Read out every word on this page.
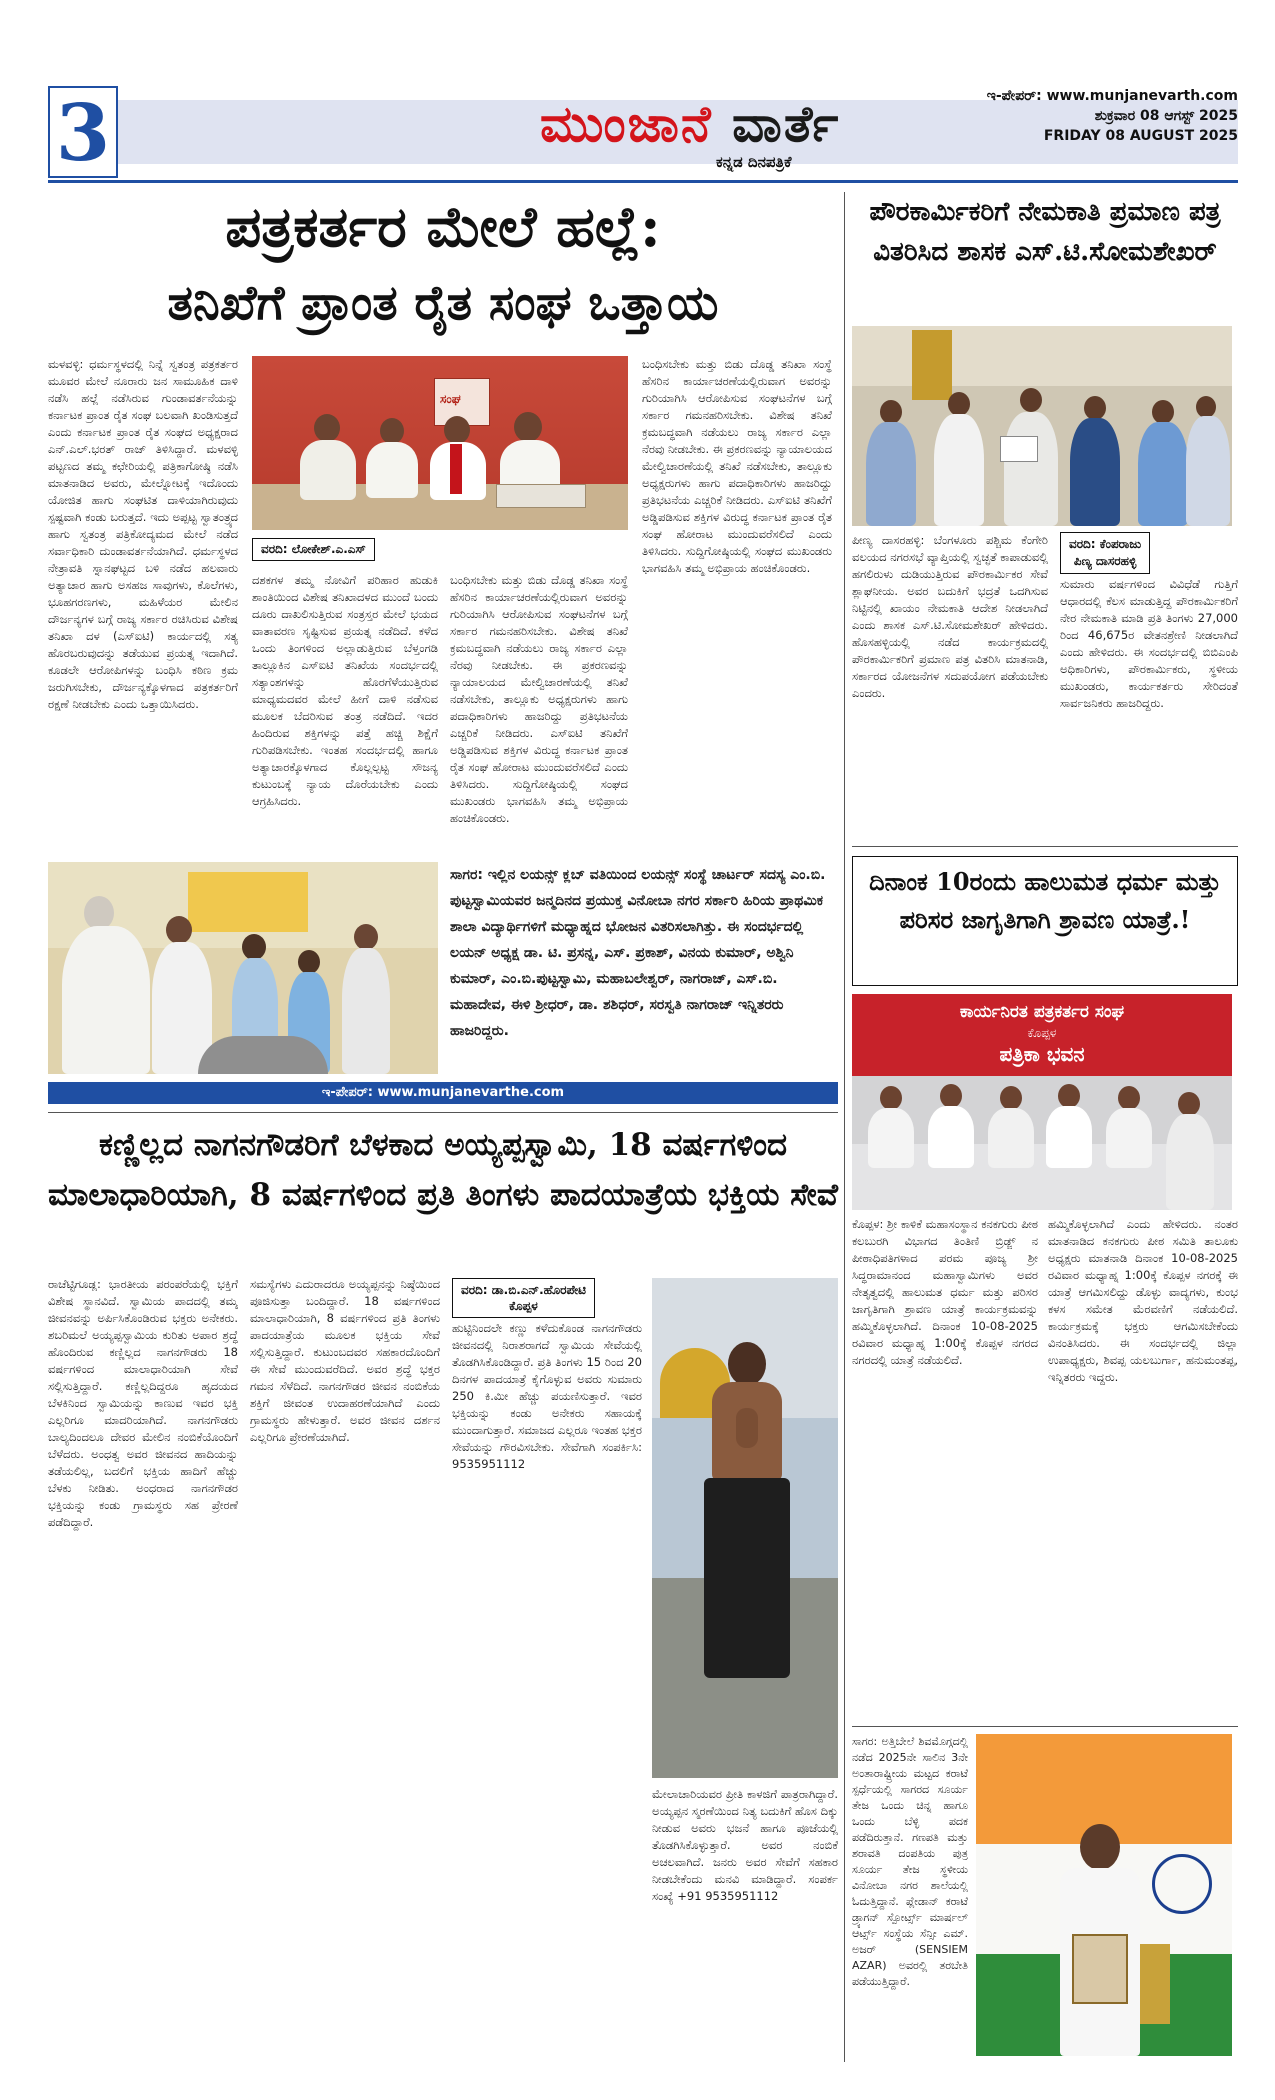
3	ಮುಂಜಾನೆ ವಾರ್ತೆ
ಕನ್ನಡ ದಿನಪತ್ರಿಕೆ
ಇ-ಪೇಪರ್: www.munjanevarth.com
ಶುಕ್ರವಾರ 08 ಆಗಸ್ಟ್ 2025
FRIDAY 08 AUGUST 2025
ಪತ್ರಕರ್ತರ ಮೇಲೆ ಹಲ್ಲೆ:
ತನಿಖೆಗೆ ಪ್ರಾಂತ ರೈತ ಸಂಘ ಒತ್ತಾಯ
ಮಳವಳ್ಳಿ: ಧರ್ಮಸ್ಥಳದಲ್ಲಿ ನಿನ್ನೆ ಸ್ವತಂತ್ರ ಪತ್ರಕರ್ತರ ಮೂವರ ಮೇಲೆ ನೂರಾರು ಜನ ಸಾಮೂಹಿಕ ದಾಳಿ ನಡೆಸಿ ಹಲ್ಲೆ ನಡೆಸಿರುವ ಗುಂಡಾವರ್ತನೆಯನ್ನು ಕರ್ನಾಟಕ ಪ್ರಾಂತ ರೈತ ಸಂಘ ಬಲವಾಗಿ ಖಂಡಿಸುತ್ತದೆ ಎಂದು ಕರ್ನಾಟಕ ಪ್ರಾಂತ ರೈತ ಸಂಘದ ಅಧ್ಯಕ್ಷರಾದ ಎನ್.ಎಲ್.ಭರತ್ ರಾಜ್ ತಿಳಿಸಿದ್ದಾರೆ. ಮಳವಳ್ಳಿ ಪಟ್ಟಣದ ತಮ್ಮ ಕಛೇರಿಯಲ್ಲಿ ಪತ್ರಿಕಾಗೋಷ್ಠಿ ನಡೆಸಿ ಮಾತನಾಡಿದ ಅವರು, ಮೇಲ್ನೋಟಕ್ಕೆ ಇದೊಂದು ಯೋಜಿತ ಹಾಗು ಸಂಘಟಿತ ದಾಳಿಯಾಗಿರುವುದು ಸ್ಪಷ್ಟವಾಗಿ ಕಂಡು ಬರುತ್ತದೆ. ಇದು ಅಪ್ಪಟ್ಟ ಸ್ವಾತಂತ್ರ್ಯದ ಹಾಗು ಸ್ವತಂತ್ರ ಪತ್ರಿಕೋದ್ಯಮದ ಮೇಲೆ ನಡೆದ ಸರ್ವಾಧಿಕಾರಿ ದುಂಡಾವರ್ತನೆಯಾಗಿದೆ. ಧರ್ಮಸ್ಥಳದ ನೇತ್ರಾವತಿ ಸ್ನಾನಘಟ್ಟದ ಬಳಿ ನಡೆದ ಹಲವಾರು ಅತ್ಯಾಚಾರ ಹಾಗು ಅಸಹಜ ಸಾವುಗಳು, ಕೊಲೆಗಳು, ಭೂಹಗರಣಗಳು, ಮಹಿಳೆಯರ ಮೇಲಿನ ದೌರ್ಜನ್ಯಗಳ ಬಗ್ಗೆ ರಾಜ್ಯ ಸರ್ಕಾರ ರಚಿಸಿರುವ ವಿಶೇಷ ತನಿಖಾ ದಳ (ಎಸ್ಐಟಿ) ಕಾರ್ಯದಲ್ಲಿ ಸತ್ಯ ಹೊರಬರುವುದನ್ನು ತಡೆಯುವ ಪ್ರಯತ್ನ ಇದಾಗಿದೆ. ಕೂಡಲೇ ಆರೋಪಿಗಳನ್ನು ಬಂಧಿಸಿ ಕಠಿಣ ಕ್ರಮ ಜರುಗಿಸಬೇಕು, ದೌರ್ಜನ್ಯಕ್ಕೊಳಗಾದ ಪತ್ರಕರ್ತರಿಗೆ ರಕ್ಷಣೆ ನೀಡಬೇಕು ಎಂದು ಒತ್ತಾಯಿಸಿದರು.
ಸಂಘ
ವರದಿ: ಲೋಕೇಶ್.ಎ.ಎಸ್
ದಶಕಗಳ ತಮ್ಮ ನೋವಿಗೆ ಪರಿಹಾರ ಹುಡುಕಿ ಶಾಂತಿಯಿಂದ ವಿಶೇಷ ತನಿಖಾದಳದ ಮುಂದೆ ಬಂದು ದೂರು ದಾಖಲಿಸುತ್ತಿರುವ ಸಂತ್ರಸ್ತರ ಮೇಲೆ ಭಯದ ವಾತಾವರಣ ಸೃಷ್ಟಿಸುವ ಪ್ರಯತ್ನ ನಡೆದಿದೆ. ಕಳೆದ ಒಂದು ತಿಂಗಳಿಂದ ಅಲ್ಲಾಡುತ್ತಿರುವ ಬೆಳ್ತಂಗಡಿ ತಾಲ್ಲೂಕಿನ ಎಸ್ಐಟಿ ತನಿಖೆಯ ಸಂದರ್ಭದಲ್ಲಿ ಸತ್ಯಾಂಶಗಳನ್ನು ಹೊರಗೆಳೆಯುತ್ತಿರುವ ಮಾಧ್ಯಮದವರ ಮೇಲೆ ಹೀಗೆ ದಾಳಿ ನಡೆಸುವ ಮೂಲಕ ಬೆದರಿಸುವ ತಂತ್ರ ನಡೆದಿದೆ. ಇದರ ಹಿಂದಿರುವ ಶಕ್ತಿಗಳನ್ನು ಪತ್ತೆ ಹಚ್ಚಿ ಶಿಕ್ಷೆಗೆ ಗುರಿಪಡಿಸಬೇಕು. ಇಂತಹ ಸಂದರ್ಭದಲ್ಲಿ ಹಾಗೂ ಅತ್ಯಾಚಾರಕ್ಕೊಳಗಾದ ಕೊಲ್ಲಲ್ಪಟ್ಟ ಸೌಜನ್ಯ ಕುಟುಂಬಕ್ಕೆ ನ್ಯಾಯ ದೊರೆಯಬೇಕು ಎಂದು ಆಗ್ರಹಿಸಿದರು.
ಬಂಧಿಸಬೇಕು ಮತ್ತು ಬಿಡು ದೊಡ್ಡ ತನಿಖಾ ಸಂಸ್ಥೆ ಹೆಸರಿನ ಕಾರ್ಯಾಚರಣೆಯಲ್ಲಿರುವಾಗ ಅವರನ್ನು ಗುರಿಯಾಗಿಸಿ ಆರೋಪಿಸುವ ಸಂಘಟನೆಗಳ ಬಗ್ಗೆ ಸರ್ಕಾರ ಗಮನಹರಿಸಬೇಕು. ವಿಶೇಷ ತನಿಖೆ ಕ್ರಮಬದ್ಧವಾಗಿ ನಡೆಯಲು ರಾಜ್ಯ ಸರ್ಕಾರ ಎಲ್ಲಾ ನೆರವು ನೀಡಬೇಕು. ಈ ಪ್ರಕರಣವನ್ನು ನ್ಯಾಯಾಲಯದ ಮೇಲ್ವಿಚಾರಣೆಯಲ್ಲಿ ತನಿಖೆ ನಡೆಸಬೇಕು, ತಾಲ್ಲೂಕು ಅಧ್ಯಕ್ಷರುಗಳು ಹಾಗು ಪದಾಧಿಕಾರಿಗಳು ಹಾಜರಿದ್ದು ಪ್ರತಿಭಟನೆಯ ಎಚ್ಚರಿಕೆ ನೀಡಿದರು. ಎಸ್ಐಟಿ ತನಿಖೆಗೆ ಅಡ್ಡಿಪಡಿಸುವ ಶಕ್ತಿಗಳ ವಿರುದ್ಧ ಕರ್ನಾಟಕ ಪ್ರಾಂತ ರೈತ ಸಂಘ ಹೋರಾಟ ಮುಂದುವರೆಸಲಿದೆ ಎಂದು ತಿಳಿಸಿದರು. ಸುದ್ದಿಗೋಷ್ಠಿಯಲ್ಲಿ ಸಂಘದ ಮುಖಂಡರು ಭಾಗವಹಿಸಿ ತಮ್ಮ ಅಭಿಪ್ರಾಯ ಹಂಚಿಕೊಂಡರು.
ಬಂಧಿಸಬೇಕು ಮತ್ತು ಬಿಡು ದೊಡ್ಡ ತನಿಖಾ ಸಂಸ್ಥೆ ಹೆಸರಿನ ಕಾರ್ಯಾಚರಣೆಯಲ್ಲಿರುವಾಗ ಅವರನ್ನು ಗುರಿಯಾಗಿಸಿ ಆರೋಪಿಸುವ ಸಂಘಟನೆಗಳ ಬಗ್ಗೆ ಸರ್ಕಾರ ಗಮನಹರಿಸಬೇಕು. ವಿಶೇಷ ತನಿಖೆ ಕ್ರಮಬದ್ಧವಾಗಿ ನಡೆಯಲು ರಾಜ್ಯ ಸರ್ಕಾರ ಎಲ್ಲಾ ನೆರವು ನೀಡಬೇಕು. ಈ ಪ್ರಕರಣವನ್ನು ನ್ಯಾಯಾಲಯದ ಮೇಲ್ವಿಚಾರಣೆಯಲ್ಲಿ ತನಿಖೆ ನಡೆಸಬೇಕು, ತಾಲ್ಲೂಕು ಅಧ್ಯಕ್ಷರುಗಳು ಹಾಗು ಪದಾಧಿಕಾರಿಗಳು ಹಾಜರಿದ್ದು ಪ್ರತಿಭಟನೆಯ ಎಚ್ಚರಿಕೆ ನೀಡಿದರು. ಎಸ್ಐಟಿ ತನಿಖೆಗೆ ಅಡ್ಡಿಪಡಿಸುವ ಶಕ್ತಿಗಳ ವಿರುದ್ಧ ಕರ್ನಾಟಕ ಪ್ರಾಂತ ರೈತ ಸಂಘ ಹೋರಾಟ ಮುಂದುವರೆಸಲಿದೆ ಎಂದು ತಿಳಿಸಿದರು. ಸುದ್ದಿಗೋಷ್ಠಿಯಲ್ಲಿ ಸಂಘದ ಮುಖಂಡರು ಭಾಗವಹಿಸಿ ತಮ್ಮ ಅಭಿಪ್ರಾಯ ಹಂಚಿಕೊಂಡರು.
ಪೌರಕಾರ್ಮಿಕರಿಗೆ ನೇಮಕಾತಿ ಪ್ರಮಾಣ ಪತ್ರ ವಿತರಿಸಿದ ಶಾಸಕ ಎಸ್.ಟಿ.ಸೋಮಶೇಖರ್
ವರದಿ: ಕೆಂಪರಾಜು
ಪಿಣ್ಯ ದಾಸರಹಳ್ಳಿ
ಪೀಣ್ಯ ದಾಸರಹಳ್ಳಿ: ಬೆಂಗಳೂರು ಪಶ್ಚಿಮ ಕೆಂಗೇರಿ ವಲಯದ ನಗರಸಭೆ ವ್ಯಾಪ್ತಿಯಲ್ಲಿ ಸ್ವಚ್ಛತೆ ಕಾಪಾಡುವಲ್ಲಿ ಹಗಲಿರುಳು ದುಡಿಯುತ್ತಿರುವ ಪೌರಕಾರ್ಮಿಕರ ಸೇವೆ ಶ್ಲಾಘನೀಯ. ಅವರ ಬದುಕಿಗೆ ಭದ್ರತೆ ಒದಗಿಸುವ ನಿಟ್ಟಿನಲ್ಲಿ ಖಾಯಂ ನೇಮಕಾತಿ ಆದೇಶ ನೀಡಲಾಗಿದೆ ಎಂದು ಶಾಸಕ ಎಸ್.ಟಿ.ಸೋಮಶೇಖರ್ ಹೇಳಿದರು. ಹೊಸಹಳ್ಳಿಯಲ್ಲಿ ನಡೆದ ಕಾರ್ಯಕ್ರಮದಲ್ಲಿ ಪೌರಕಾರ್ಮಿಕರಿಗೆ ಪ್ರಮಾಣ ಪತ್ರ ವಿತರಿಸಿ ಮಾತನಾಡಿ, ಸರ್ಕಾರದ ಯೋಜನೆಗಳ ಸದುಪಯೋಗ ಪಡೆಯಬೇಕು ಎಂದರು.
ಸುಮಾರು ವರ್ಷಗಳಿಂದ ವಿವಿಧೆಡೆ ಗುತ್ತಿಗೆ ಆಧಾರದಲ್ಲಿ ಕೆಲಸ ಮಾಡುತ್ತಿದ್ದ ಪೌರಕಾರ್ಮಿಕರಿಗೆ ನೇರ ನೇಮಕಾತಿ ಮಾಡಿ ಪ್ರತಿ ತಿಂಗಳು 27,000 ರಿಂದ 46,675ರ ವೇತನಶ್ರೇಣಿ ನೀಡಲಾಗಿದೆ ಎಂದು ಹೇಳಿದರು. ಈ ಸಂದರ್ಭದಲ್ಲಿ ಬಿಬಿಎಂಪಿ ಅಧಿಕಾರಿಗಳು, ಪೌರಕಾರ್ಮಿಕರು, ಸ್ಥಳೀಯ ಮುಖಂಡರು, ಕಾರ್ಯಕರ್ತರು ಸೇರಿದಂತೆ ಸಾರ್ವಜನಿಕರು ಹಾಜರಿದ್ದರು.
ಸಾಗರ: ಇಲ್ಲಿನ ಲಯನ್ಸ್ ಕ್ಲಬ್ ವತಿಯಿಂದ ಲಯನ್ಸ್ ಸಂಸ್ಥೆ ಚಾರ್ಟರ್ ಸದಸ್ಯ ಎಂ.ಬಿ. ಪುಟ್ಟಸ್ವಾಮಿಯವರ ಜನ್ಮದಿನದ ಪ್ರಯುಕ್ತ ವಿನೋಬಾ ನಗರ ಸರ್ಕಾರಿ ಹಿರಿಯ ಪ್ರಾಥಮಿಕ ಶಾಲಾ ವಿದ್ಯಾರ್ಥಿಗಳಿಗೆ ಮಧ್ಯಾಹ್ನದ ಭೋಜನ ವಿತರಿಸಲಾಗಿತ್ತು. ಈ ಸಂದರ್ಭದಲ್ಲಿ ಲಯನ್ ಅಧ್ಯಕ್ಷ ಡಾ. ಟಿ. ಪ್ರಸನ್ನ, ಎಸ್. ಪ್ರಕಾಶ್, ವಿನಯ ಕುಮಾರ್, ಅಶ್ವಿನಿ ಕುಮಾರ್, ಎಂ.ಬಿ.ಪುಟ್ಟಸ್ವಾಮಿ, ಮಹಾಬಲೇಶ್ವರ್, ನಾಗರಾಜ್, ಎಸ್.ಬಿ. ಮಹಾದೇವ, ಈಳಿ ಶ್ರೀಧರ್, ಡಾ. ಶಶಿಧರ್, ಸರಸ್ವತಿ ನಾಗರಾಜ್ ಇನ್ನಿತರರು ಹಾಜರಿದ್ದರು.
ಇ-ಪೇಪರ್: www.munjanevarthe.com
ದಿನಾಂಕ 10ರಂದು ಹಾಲುಮತ ಧರ್ಮ ಮತ್ತು ಪರಿಸರ ಜಾಗೃತಿಗಾಗಿ ಶ್ರಾವಣ ಯಾತ್ರೆ.!
ಕಾರ್ಯನಿರತ ಪತ್ರಕರ್ತರ ಸಂಘ
ಕೊಪ್ಪಳ
ಪತ್ರಿಕಾ ಭವನ
ಕೊಪ್ಪಳ: ಶ್ರೀ ಕಾಳಿಕೆ ಮಹಾಸಂಸ್ಥಾನ ಕನಕಗುರು ಪೀಠ ಕಲಬುರಗಿ ವಿಭಾಗದ ತಿಂತಿಣಿ ಬ್ರಿಡ್ಜ್ ನ ಪೀಠಾಧಿಪತಿಗಳಾದ ಪರಮ ಪೂಜ್ಯ ಶ್ರೀ ಸಿದ್ಧರಾಮಾನಂದ ಮಹಾಸ್ವಾಮಿಗಳು ಅವರ ನೇತೃತ್ವದಲ್ಲಿ ಹಾಲುಮತ ಧರ್ಮ ಮತ್ತು ಪರಿಸರ ಜಾಗೃತಿಗಾಗಿ ಶ್ರಾವಣ ಯಾತ್ರೆ ಕಾರ್ಯಕ್ರಮವನ್ನು ಹಮ್ಮಿಕೊಳ್ಳಲಾಗಿದೆ. ದಿನಾಂಕ 10-08-2025 ರವಿವಾರ ಮಧ್ಯಾಹ್ನ 1:00ಕ್ಕೆ ಕೊಪ್ಪಳ ನಗರದ ನಗರದಲ್ಲಿ ಯಾತ್ರೆ ನಡೆಯಲಿದೆ.
ಹಮ್ಮಿಕೊಳ್ಳಲಾಗಿದೆ ಎಂದು ಹೇಳಿದರು. ನಂತರ ಮಾತನಾಡಿದ ಕನಕಗುರು ಪೀಠ ಸಮಿತಿ ತಾಲೂಕು ಅಧ್ಯಕ್ಷರು ಮಾತನಾಡಿ ದಿನಾಂಕ 10-08-2025 ರವಿವಾರ ಮಧ್ಯಾಹ್ನ 1:00ಕ್ಕೆ ಕೊಪ್ಪಳ ನಗರಕ್ಕೆ ಈ ಯಾತ್ರೆ ಆಗಮಿಸಲಿದ್ದು ಡೊಳ್ಳು ವಾದ್ಯಗಳು, ಕುಂಭ ಕಳಸ ಸಮೇತ ಮೆರವಣಿಗೆ ನಡೆಯಲಿದೆ. ಕಾರ್ಯಕ್ರಮಕ್ಕೆ ಭಕ್ತರು ಆಗಮಿಸಬೇಕೆಂದು ವಿನಂತಿಸಿದರು. ಈ ಸಂದರ್ಭದಲ್ಲಿ ಜಿಲ್ಲಾ ಉಪಾಧ್ಯಕ್ಷರು, ಶಿವಪ್ಪ ಯಲಬುರ್ಗಾ, ಹನುಮಂತಪ್ಪ, ಇನ್ನಿತರರು ಇದ್ದರು.
ಕಣ್ಣಿಲ್ಲದ ನಾಗನಗೌಡರಿಗೆ ಬೆಳಕಾದ ಅಯ್ಯಪ್ಪಸ್ವಾಮಿ, 18 ವರ್ಷಗಳಿಂದ ಮಾಲಾಧಾರಿಯಾಗಿ, 8 ವರ್ಷಗಳಿಂದ ಪ್ರತಿ ತಿಂಗಳು ಪಾದಯಾತ್ರೆಯ ಭಕ್ತಿಯ ಸೇವೆ
ರಾಚೆಟ್ಟಿಗೂಡ್ಲ: ಭಾರತೀಯ ಪರಂಪರೆಯಲ್ಲಿ ಭಕ್ತಿಗೆ ವಿಶೇಷ ಸ್ಥಾನವಿದೆ. ಸ್ವಾಮಿಯ ಪಾದದಲ್ಲಿ ತಮ್ಮ ಜೀವನವನ್ನು ಅರ್ಪಿಸಿಕೊಂಡಿರುವ ಭಕ್ತರು ಅನೇಕರು. ಶಬರಿಮಲೆ ಅಯ್ಯಪ್ಪಸ್ವಾಮಿಯ ಕುರಿತು ಅಪಾರ ಶ್ರದ್ಧೆ ಹೊಂದಿರುವ ಕಣ್ಣಿಲ್ಲದ ನಾಗನಗೌಡರು 18 ವರ್ಷಗಳಿಂದ ಮಾಲಾಧಾರಿಯಾಗಿ ಸೇವೆ ಸಲ್ಲಿಸುತ್ತಿದ್ದಾರೆ. ಕಣ್ಣಿಲ್ಲದಿದ್ದರೂ ಹೃದಯದ ಬೆಳಕಿನಿಂದ ಸ್ವಾಮಿಯನ್ನು ಕಾಣುವ ಇವರ ಭಕ್ತಿ ಎಲ್ಲರಿಗೂ ಮಾದರಿಯಾಗಿದೆ. ನಾಗನಗೌಡರು ಬಾಲ್ಯದಿಂದಲೂ ದೇವರ ಮೇಲಿನ ನಂಬಿಕೆಯೊಂದಿಗೆ ಬೆಳೆದರು. ಅಂಧತ್ವ ಅವರ ಜೀವನದ ಹಾದಿಯನ್ನು ತಡೆಯಲಿಲ್ಲ, ಬದಲಿಗೆ ಭಕ್ತಿಯ ಹಾದಿಗೆ ಹೆಚ್ಚು ಬೆಳಕು ನೀಡಿತು. ಅಂಧರಾದ ನಾಗನಗೌಡರ ಭಕ್ತಿಯನ್ನು ಕಂಡು ಗ್ರಾಮಸ್ಥರು ಸಹ ಪ್ರೇರಣೆ ಪಡೆದಿದ್ದಾರೆ.
ಸಮಸ್ಯೆಗಳು ಎದುರಾದರೂ ಅಯ್ಯಪ್ಪನನ್ನು ನಿಷ್ಠೆಯಿಂದ ಪೂಜಿಸುತ್ತಾ ಬಂದಿದ್ದಾರೆ. 18 ವರ್ಷಗಳಿಂದ ಮಾಲಾಧಾರಿಯಾಗಿ, 8 ವರ್ಷಗಳಿಂದ ಪ್ರತಿ ತಿಂಗಳು ಪಾದಯಾತ್ರೆಯ ಮೂಲಕ ಭಕ್ತಿಯ ಸೇವೆ ಸಲ್ಲಿಸುತ್ತಿದ್ದಾರೆ. ಕುಟುಂಬದವರ ಸಹಕಾರದೊಂದಿಗೆ ಈ ಸೇವೆ ಮುಂದುವರೆದಿದೆ. ಅವರ ಶ್ರದ್ಧೆ ಭಕ್ತರ ಗಮನ ಸೆಳೆದಿದೆ. ನಾಗನಗೌಡರ ಜೀವನ ನಂಬಿಕೆಯ ಶಕ್ತಿಗೆ ಜೀವಂತ ಉದಾಹರಣೆಯಾಗಿದೆ ಎಂದು ಗ್ರಾಮಸ್ಥರು ಹೇಳುತ್ತಾರೆ. ಅವರ ಜೀವನ ದರ್ಶನ ಎಲ್ಲರಿಗೂ ಪ್ರೇರಣೆಯಾಗಿದೆ.
ವರದಿ: ಡಾ.ಬಿ.ಎನ್.ಹೊರಪೇಟಿ
ಕೊಪ್ಪಳ
ಹುಟ್ಟಿನಿಂದಲೇ ಕಣ್ಣು ಕಳೆದುಕೊಂಡ ನಾಗನಗೌಡರು ಜೀವನದಲ್ಲಿ ನಿರಾಶರಾಗದೆ ಸ್ವಾಮಿಯ ಸೇವೆಯಲ್ಲಿ ತೊಡಗಿಸಿಕೊಂಡಿದ್ದಾರೆ. ಪ್ರತಿ ತಿಂಗಳು 15 ರಿಂದ 20 ದಿನಗಳ ಪಾದಯಾತ್ರೆ ಕೈಗೊಳ್ಳುವ ಅವರು ಸುಮಾರು 250 ಕಿ.ಮೀ ಹೆಚ್ಚು ಪಯಣಿಸುತ್ತಾರೆ. ಇವರ ಭಕ್ತಿಯನ್ನು ಕಂಡು ಅನೇಕರು ಸಹಾಯಕ್ಕೆ ಮುಂದಾಗುತ್ತಾರೆ. ಸಮಾಜದ ಎಲ್ಲರೂ ಇಂತಹ ಭಕ್ತರ ಸೇವೆಯನ್ನು ಗೌರವಿಸಬೇಕು. ಸೇವೆಗಾಗಿ ಸಂಪರ್ಕಿಸಿ: 9535951112
ಮೇಲಾಚಾರಿಯವರ ಪ್ರೀತಿ ಕಾಳಜಿಗೆ ಪಾತ್ರರಾಗಿದ್ದಾರೆ. ಅಯ್ಯಪ್ಪನ ಸ್ಮರಣೆಯಿಂದ ನಿತ್ಯ ಬದುಕಿಗೆ ಹೊಸ ದಿಕ್ಕು ನೀಡುವ ಅವರು ಭಜನೆ ಹಾಗೂ ಪೂಜೆಯಲ್ಲಿ ತೊಡಗಿಸಿಕೊಳ್ಳುತ್ತಾರೆ. ಅವರ ನಂಬಿಕೆ ಅಚಲವಾಗಿದೆ. ಜನರು ಅವರ ಸೇವೆಗೆ ಸಹಕಾರ ನೀಡಬೇಕೆಂದು ಮನವಿ ಮಾಡಿದ್ದಾರೆ. ಸಂಪರ್ಕ ಸಂಖ್ಯೆ +91 9535951112
ಸಾಗರ: ಅತ್ತಿಬೇಲೆ ಶಿವಮೊಗ್ಗದಲ್ಲಿ ನಡೆದ 2025ನೇ ಸಾಲಿನ 3ನೇ ಅಂತಾರಾಷ್ಟ್ರೀಯ ಮಟ್ಟದ ಕರಾಟೆ ಸ್ಪರ್ಧೆಯಲ್ಲಿ ಸಾಗರದ ಸೂರ್ಯ ತೇಜ ಒಂದು ಚಿನ್ನ ಹಾಗೂ ಒಂದು ಬೆಳ್ಳಿ ಪದಕ ಪಡೆದಿರುತ್ತಾನೆ. ಗಣಪತಿ ಮತ್ತು ಶರಾವತಿ ದಂಪತಿಯ ಪುತ್ರ ಸೂರ್ಯ ತೇಜ ಸ್ಥಳೀಯ ವಿನೋಬಾ ನಗರ ಶಾಲೆಯಲ್ಲಿ ಓದುತ್ತಿದ್ದಾನೆ. ಪ್ಲೇಡಾನ್ ಕರಾಟೆ ಡ್ರ್ಯಾಗನ್ ಸ್ಪೋರ್ಟ್ಸ್ ಮಾರ್ಷಲ್ ಆರ್ಟ್ಸ್ ಸಂಸ್ಥೆಯ ಸೆನ್ಸೀ ಎಮ್. ಅಜರ್ (SENSIEM AZAR) ಅವರಲ್ಲಿ ತರಬೇತಿ ಪಡೆಯುತ್ತಿದ್ದಾರೆ.
